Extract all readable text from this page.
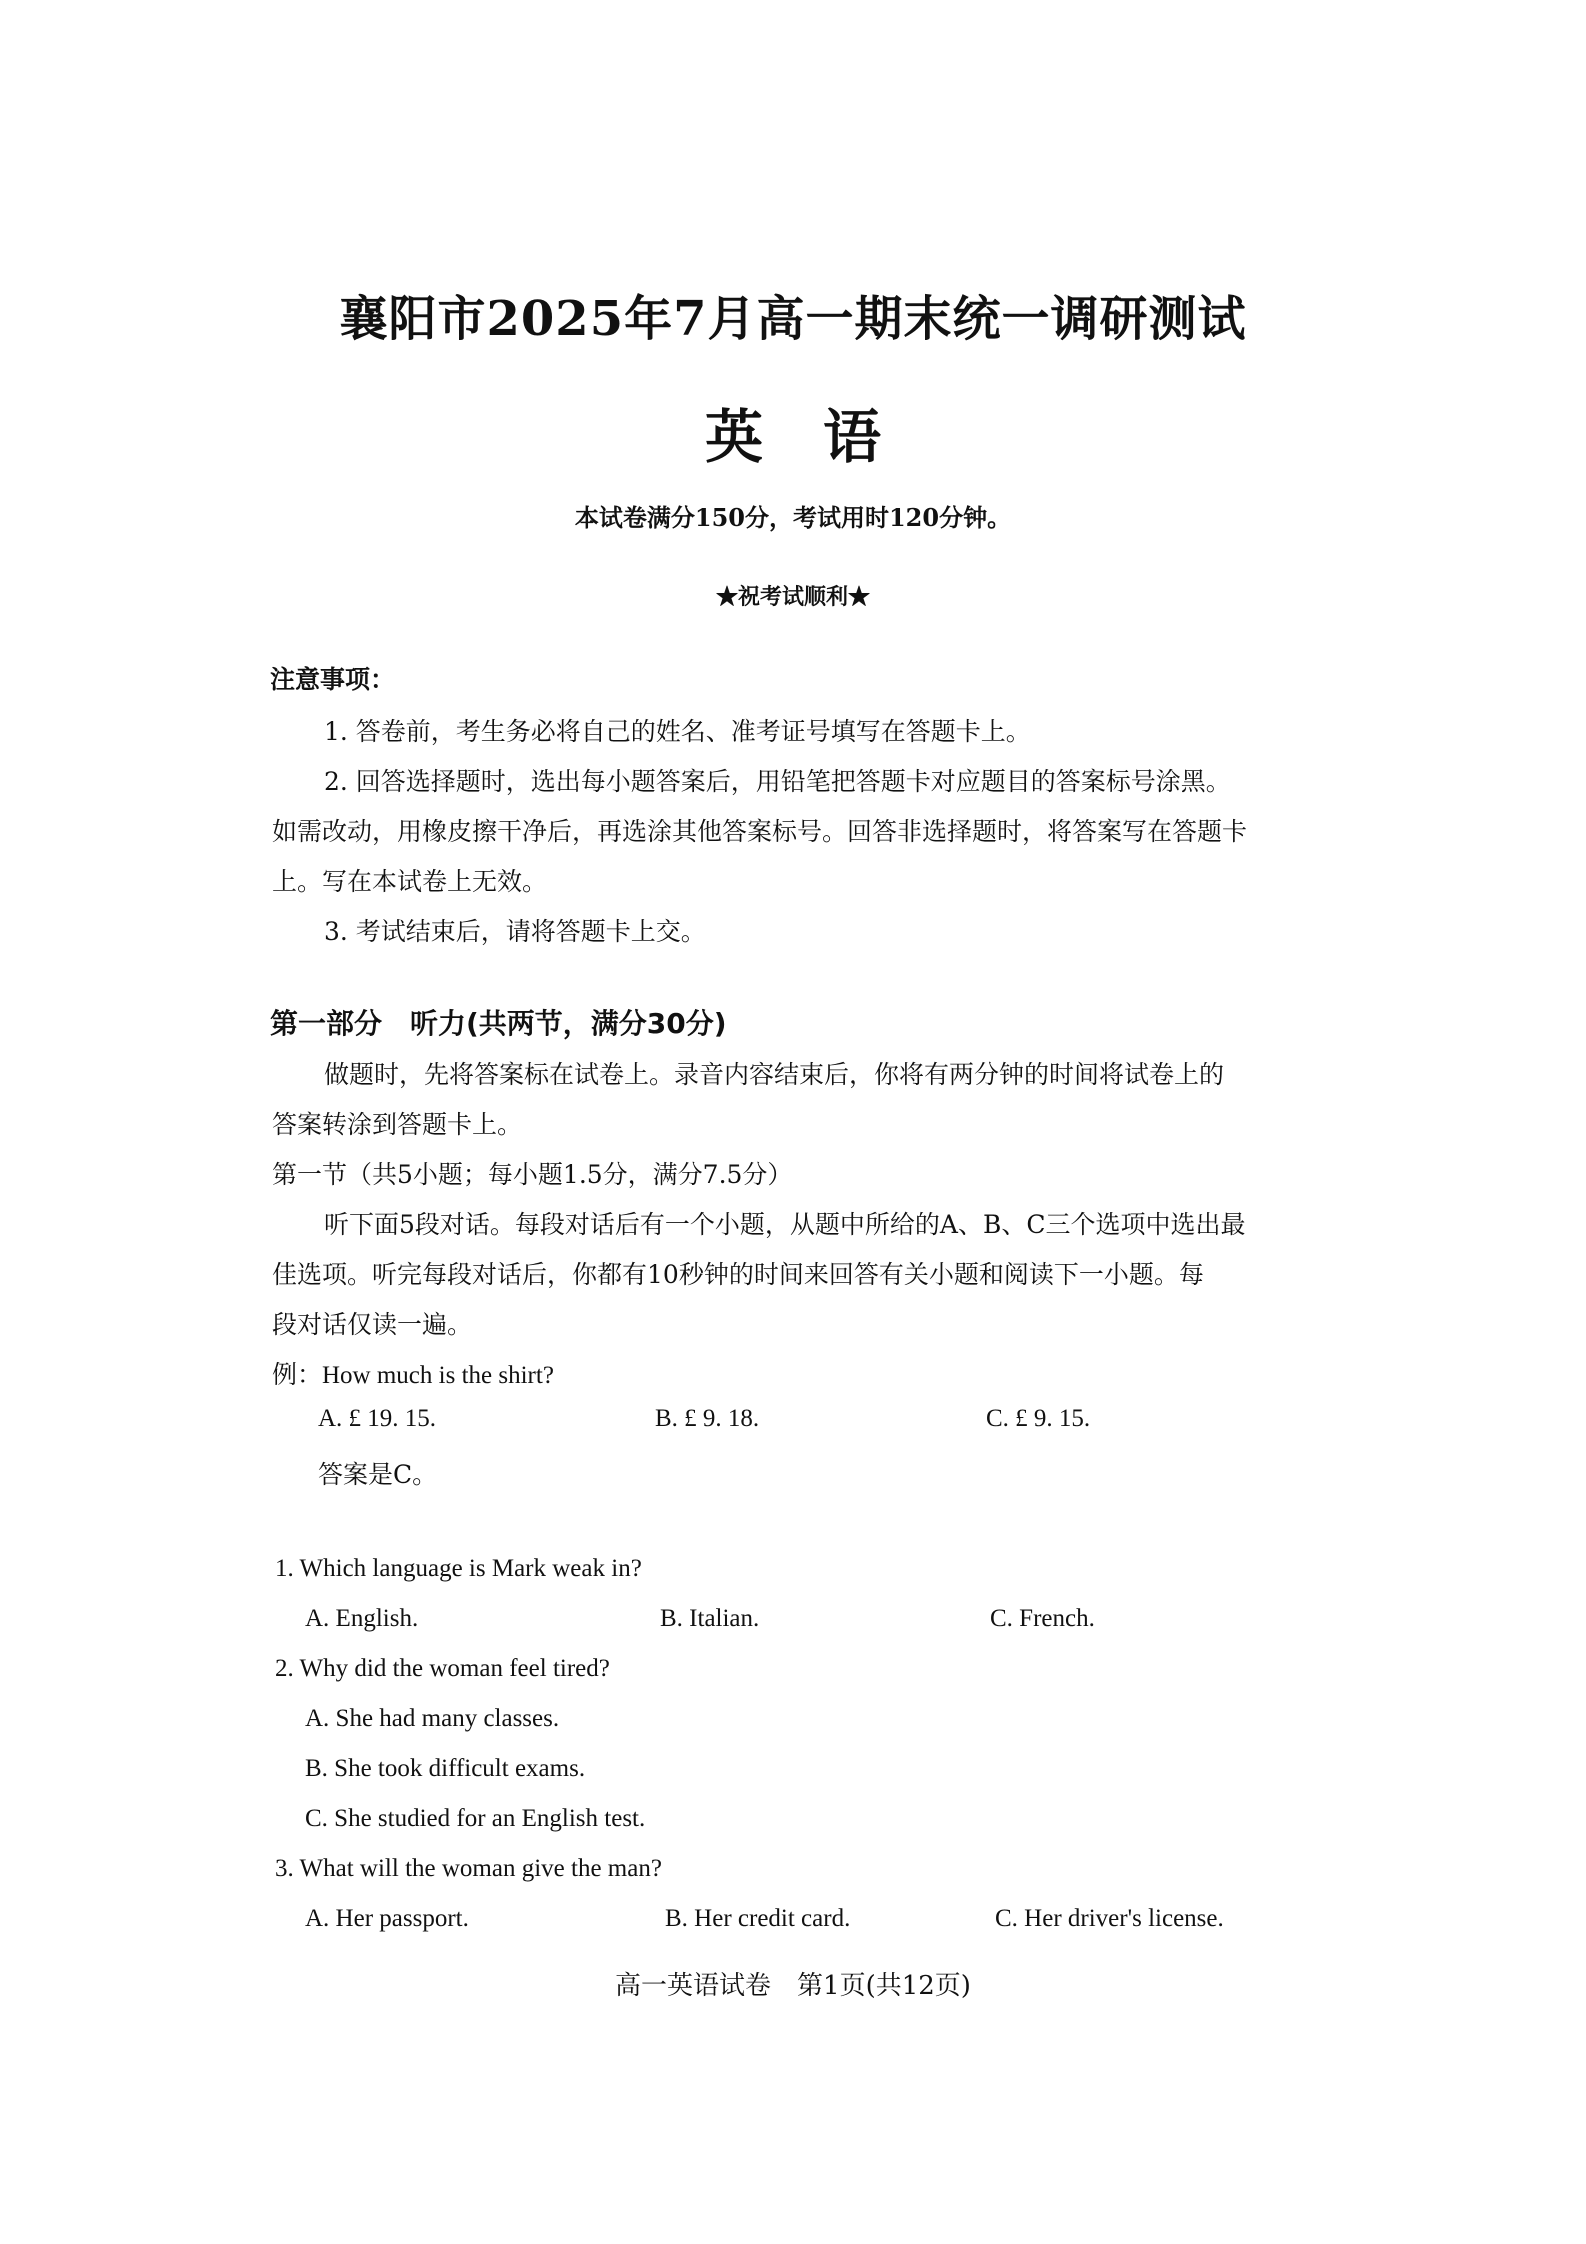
襄阳市2025年7月高一期末统一调研测试
英语
本试卷满分150分，考试用时120分钟。
★祝考试顺利★
注意事项：
1. 答卷前，考生务必将自己的姓名、准考证号填写在答题卡上。
2. 回答选择题时，选出每小题答案后，用铅笔把答题卡对应题目的答案标号涂黑。
如需改动，用橡皮擦干净后，再选涂其他答案标号。回答非选择题时，将答案写在答题卡
上。写在本试卷上无效。
3. 考试结束后，请将答题卡上交。
第一部分　听力(共两节，满分30分)
做题时，先将答案标在试卷上。录音内容结束后，你将有两分钟的时间将试卷上的
答案转涂到答题卡上。
第一节（共5小题；每小题1.5分，满分7.5分）
听下面5段对话。每段对话后有一个小题，从题中所给的A、B、C三个选项中选出最
佳选项。听完每段对话后，你都有10秒钟的时间来回答有关小题和阅读下一小题。每
段对话仅读一遍。
例：How much is the shirt?
A. £ 19. 15.	B. £ 9. 18.	C. £ 9. 15.
答案是C。
1. Which language is Mark weak in?
A. English.	B. Italian.	C. French.
2. Why did the woman feel tired?
A. She had many classes.
B. She took difficult exams.
C. She studied for an English test.
3. What will the woman give the man?
A. Her passport.	B. Her credit card.	C. Her driver's license.
高一英语试卷　第1页(共12页)
